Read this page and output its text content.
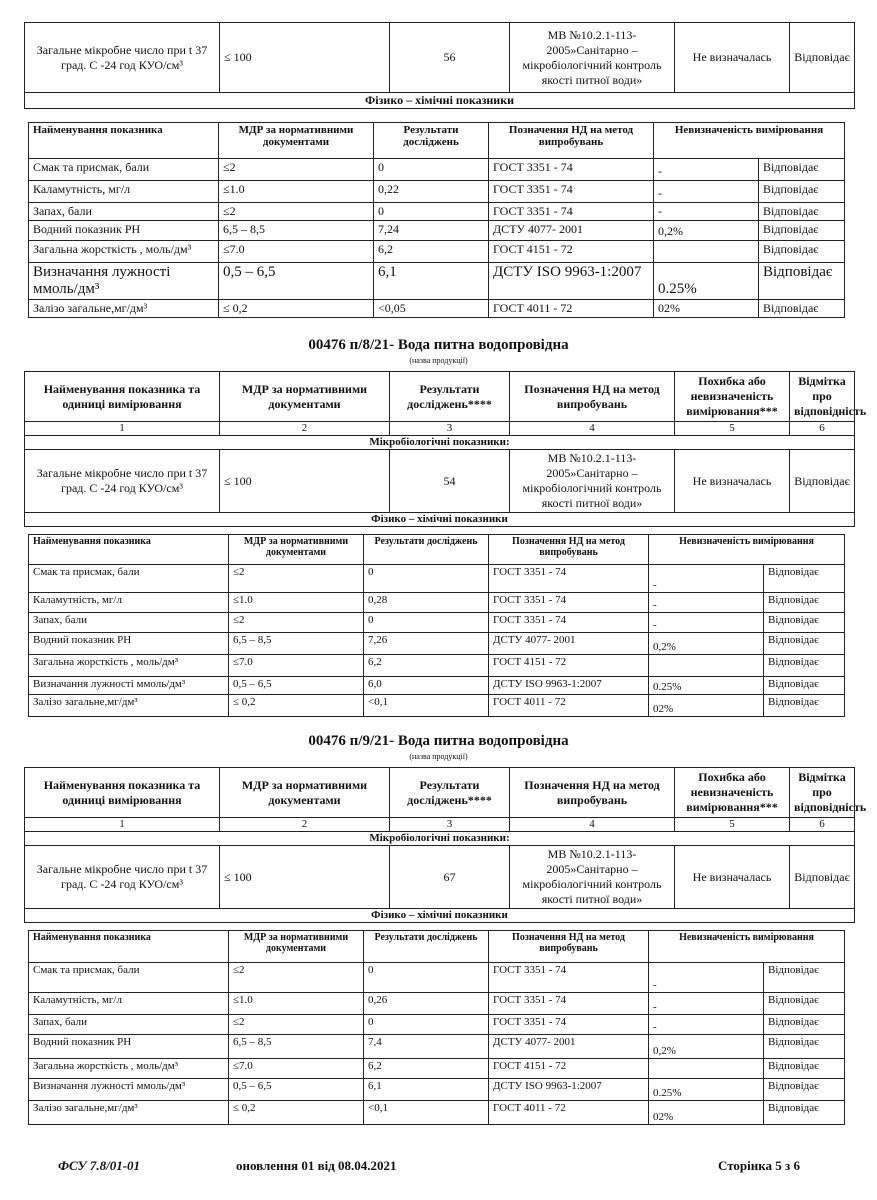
Загальне мікробне число при t 37 град. С -24 год КУО/см³	≤ 100	56	МВ №10.2.1-113-2005»Санітарно – мікробіологічний контроль якості питної води»	Не визначалась	Відповідає
Фізико – хімічні показники
Найменування показника	МДР за нормативними документами	Результати досліджень	Позначення НД на метод випробувань	Невизначеність вимірювання	
Смак та присмак, бали	≤2	0	ГОСТ 3351 - 74	-	Відповідає
Каламутність, мг/л	≤1.0	0,22	ГОСТ 3351 - 74	-	Відповідає
Запах, бали	≤2	0	ГОСТ 3351 - 74	-	Відповідає
Водний показник РН	6,5 – 8,5	7,24	ДСТУ 4077- 2001	0,2%	Відповідає
Загальна жорсткість , моль/дм³	≤7.0	6,2	ГОСТ 4151 - 72		Відповідає
Визначання лужності ммоль/дм³	0,5 – 6,5	6,1	ДСТУ ISO 9963-1:2007	0.25%	Відповідає
Залізо загальне,мг/дм³	≤ 0,2	<0,05	ГОСТ 4011 - 72	02%	Відповідає
00476 п/8/21- Вода питна водопровідна
(назва продукції)
Найменування показника та одиниці вимірювання	МДР за нормативними документами	Результати досліджень****	Позначення НД на метод випробувань	Похибка або невизначеність вимірювання***	Відмітка про відповідність
1	2	3	4	5	6
Мікробіологічні показники:					
Загальне мікробне число при t 37 град. С -24 год КУО/см³	≤ 100	54	МВ №10.2.1-113-2005»Санітарно – мікробіологічний контроль якості питної води»	Не визначалась	Відповідає
Фізико – хімічні показники					
Найменування показника	МДР за нормативними документами	Результати досліджень	Позначення НД на метод випробувань	Невизначеність вимірювання	
Смак та присмак, бали	≤2	0	ГОСТ 3351 - 74	-	Відповідає
Каламутність, мг/л	≤1.0	0,28	ГОСТ 3351 - 74	-	Відповідає
Запах, бали	≤2	0	ГОСТ 3351 - 74	-	Відповідає
Водний показник РН	6,5 – 8,5	7,26	ДСТУ 4077- 2001	0,2%	Відповідає
Загальна жорсткість , моль/дм³	≤7.0	6,2	ГОСТ 4151 - 72		Відповідає
Визначання лужності ммоль/дм³	0,5 – 6,5	6,0	ДСТУ ISO 9963-1:2007	0.25%	Відповідає
Залізо загальне,мг/дм³	≤ 0,2	<0,1	ГОСТ 4011 - 72	02%	Відповідає
00476 п/9/21- Вода питна водопровідна
(назва продукції)
Найменування показника та одиниці вимірювання	МДР за нормативними документами	Результати досліджень****	Позначення НД на метод випробувань	Похибка або невизначеність вимірювання***	Відмітка про відповідність
1	2	3	4	5	6
Мікробіологічні показники:					
Загальне мікробне число при t 37 град. С -24 год КУО/см³	≤ 100	67	МВ №10.2.1-113-2005»Санітарно – мікробіологічний контроль якості питної води»	Не визначалась	Відповідає
Фізико – хімічні показники					
Найменування показника	МДР за нормативними документами	Результати досліджень	Позначення НД на метод випробувань	Невизначеність вимірювання	
Смак та присмак, бали	≤2	0	ГОСТ 3351 - 74	-	Відповідає
Каламутність, мг/л	≤1.0	0,26	ГОСТ 3351 - 74	-	Відповідає
Запах, бали	≤2	0	ГОСТ 3351 - 74	-	Відповідає
Водний показник РН	6,5 – 8,5	7,4	ДСТУ 4077- 2001	0,2%	Відповідає
Загальна жорсткість , моль/дм³	≤7.0	6,2	ГОСТ 4151 - 72		Відповідає
Визначання лужності ммоль/дм³	0,5 – 6,5	6,1	ДСТУ ISO 9963-1:2007	0.25%	Відповідає
Залізо загальне,мг/дм³	≤ 0,2	<0,1	ГОСТ 4011 - 72	02%	Відповідає
ФСУ 7.8/01-01	оновлення 01 від 08.04.2021	Сторінка 5 з 6
